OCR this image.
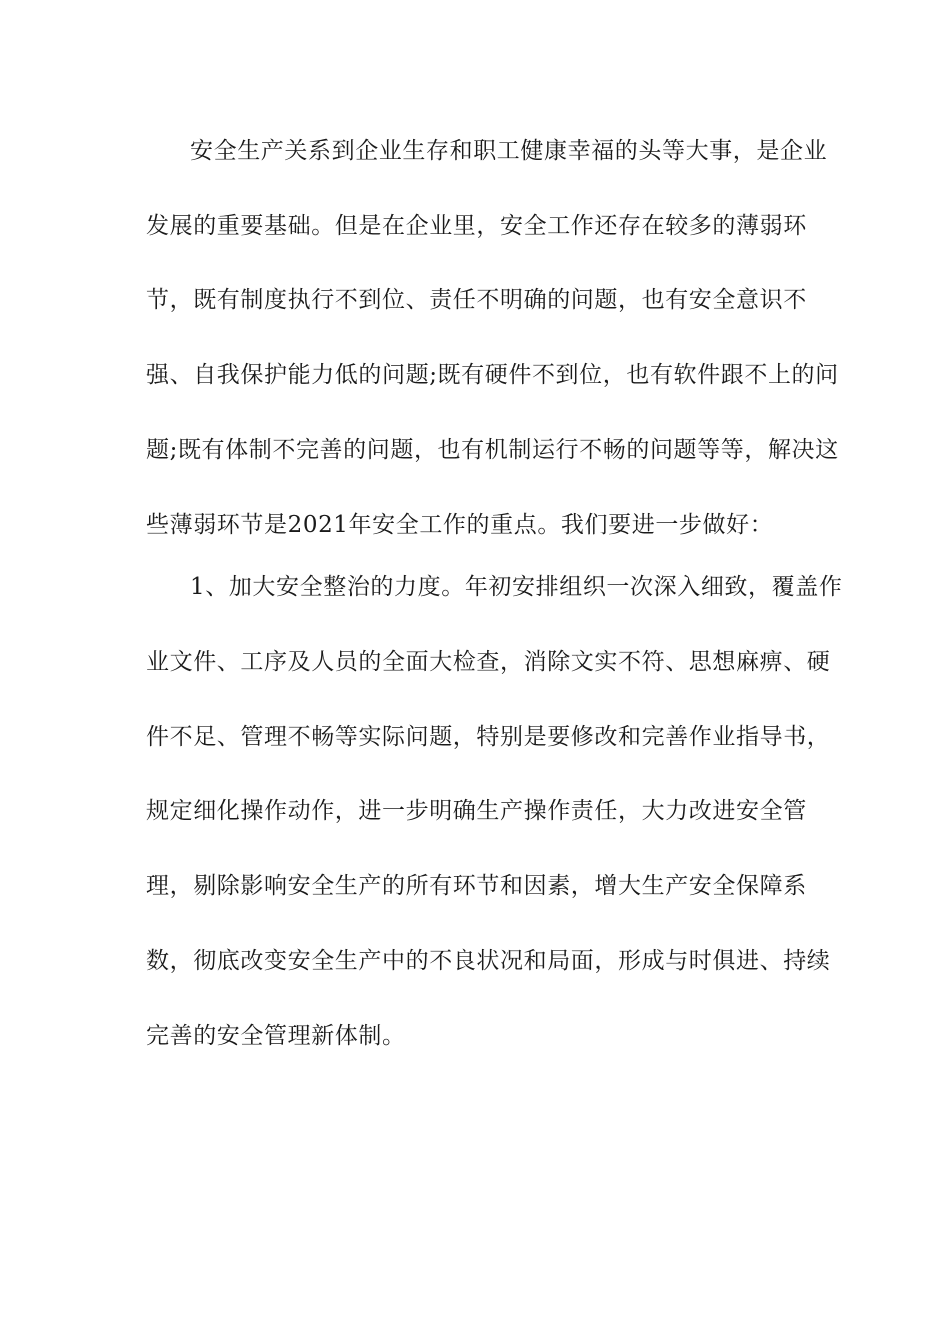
安全生产关系到企业生存和职工健康幸福的头等大事，是企业
发展的重要基础。但是在企业里，安全工作还存在较多的薄弱环
节，既有制度执行不到位、责任不明确的问题，也有安全意识不
强、自我保护能力低的问题;既有硬件不到位，也有软件跟不上的问
题;既有体制不完善的问题，也有机制运行不畅的问题等等，解决这
些薄弱环节是2021年安全工作的重点。我们要进一步做好：
1、加大安全整治的力度。年初安排组织一次深入细致，覆盖作
业文件、工序及人员的全面大检查，消除文实不符、思想麻痹、硬
件不足、管理不畅等实际问题，特别是要修改和完善作业指导书，
规定细化操作动作，进一步明确生产操作责任，大力改进安全管
理，剔除影响安全生产的所有环节和因素，增大生产安全保障系
数，彻底改变安全生产中的不良状况和局面，形成与时俱进、持续
完善的安全管理新体制。
